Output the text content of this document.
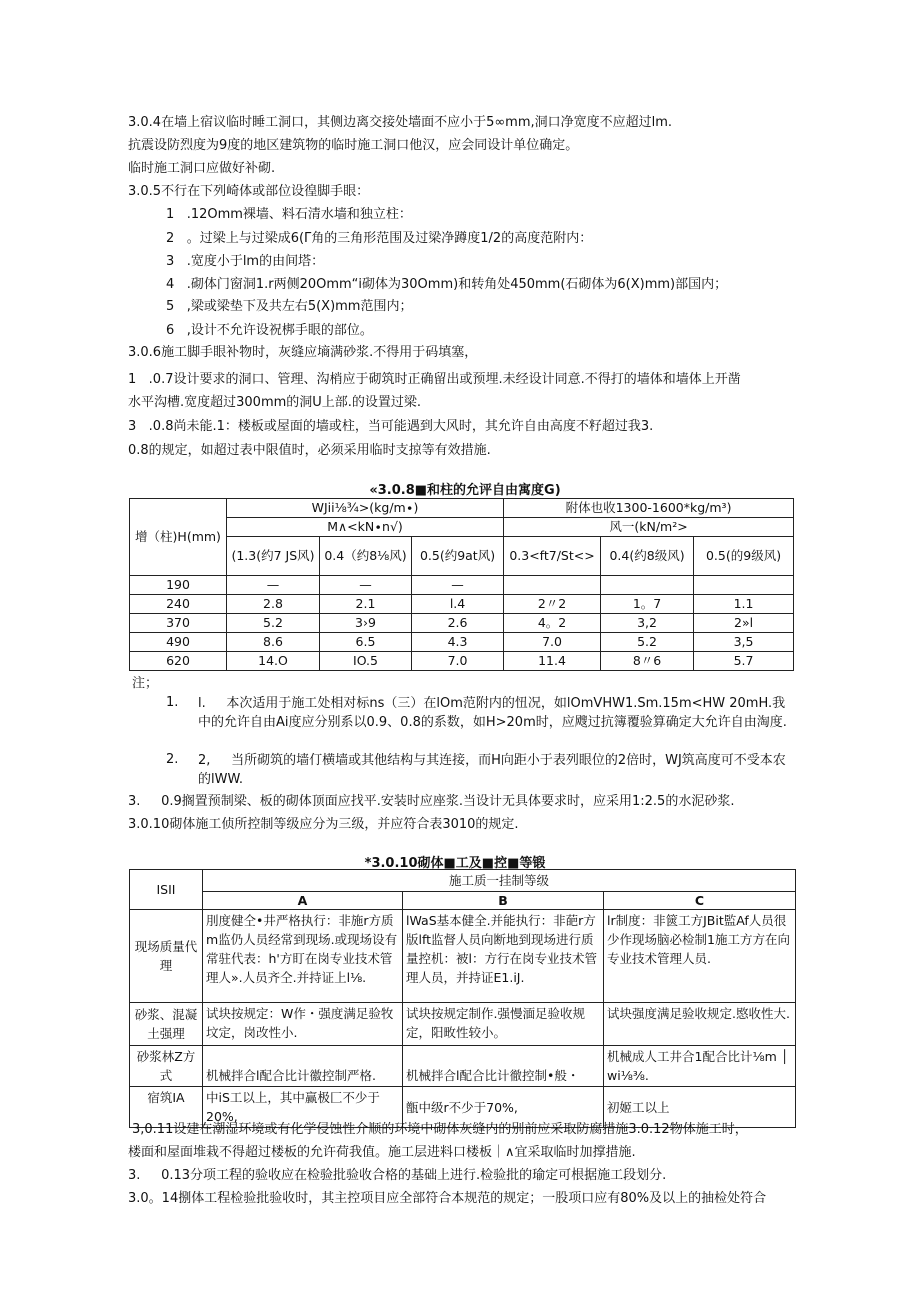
3.0.4在墙上宿议临时睡工洞口，其侧边离交接处墙面不应小于5∞mm,洞口净宽度不应超过lm.
抗震设防烈度为9度的地区建筑物的临时施工洞口他汉，应会同设计单位确定。
临时施工洞口应做好补砌.
3.0.5不行在下列崎体或部位设徨脚手眼：
1 .12Omm裸墙、料石清水墙和独立柱：
2 。过梁上与过梁成6(Γ角的三角形范围及过梁净蹲度1/2的高度范附内：
3 .宽度小于lm的由间塔：
4 .砌体门窗洞1.r两侧20Omm“i砌体为30Omm)和转角处450mm(石砌体为6(X)mm)部国内；
5 ,梁或梁垫下及共左右5(X)mm范围内；
6 ,设计不允许设祝梆手眼的部位。
3.0.6施工脚手眼补物时，灰缝应墒满砂浆.不得用于码填塞，
1   .0.7设计要求的洞口、管理、沟梢应于砌筑时正确留出或预埋.未经设计同意.不得打的墙体和墙体上开凿
水平沟槽.宽度超过300mm的洞U上部.的设置过梁.
3   .0.8尚未能.1：楼板或屋面的墙或柱，当可能遇到大风时，其允许自由高度不籽超过我3.
0.8的规定，如超过表中限值时，必须采用临时支掠等有效措施.
«3.0.8■和柱的允评自由寓度G)
增（柱)H(mm)	WJii⅛¾>(kg∕m∙)			附体也收1300-1600*kg∕m³)		
	M∧<kN∙n√)			风一(kN∕m²>		
	(1.3(约7 JS风)	0.4（约8⅛风)	0.5(约9at风)	0.3<ft7∕St<>	0.4(约8级风)	0.5(的9级风)
190	—	—	—			
240	2.8	2.1	l.4	2〃2	1。7	1.1
370	5.2	3›9	2.6	4。2	3,2	2»l
490	8.6	6.5	4.3	7.0	5.2	3,5
620	14.O	IO.5	7.0	11.4	8〃6	5.7
注；
1. l.     本次适用于施工处相对标ns（三）在lOm范附内的忸况，如lOmVHW1.Sm.15m<HW 20mH.我中的允许自由Ai度应分别系以0.9、0.8的系数，如H>20m时，应飕过抗簿覆验算确定大允许自由淘度.
2. 2,     当所砌筑的墙仃横墙或其他结构与其连接，而H向距小于表列眼位的2倍时，WJ筑高度可不受本农的lWW.
3.     0.9搁置预制梁、板的砌体顶面应找平.安装时应座浆.当设计无具体要求时，应采用1:2.5的水泥砂浆.
3.0.10砌体施工侦所控制等级应分为三级，并应符合表3010的规定.
*3.0.10砌体■工及■控■等锻
ISII	施工质一挂制等级		
	A	B	C
现场质量代理	刖度健仝•井严格执行：非施r方质m监仍人员经常到现场.或现场设有常驻代表：h'方盯在岗专业技术管理人».人员齐仝.并持证上l⅛.	lWaS基本健全.并能执行：非葩r方版lft监督人员向断地到现场进行质量控机：被l：方行在岗专业技术管理人员，并持证E1.iJ.	lr制度：非篋工方JBit監Af人员很少作现场脑必检制1施工方方在向专业技术管理人员.
砂浆、混凝土强理	试块按规定：W作・强度满足验牧坟定，岗改性小.	试块按规定制作.强慢湎足验收规定，阳畋性较小。	试块强度满足验收规定.愍收性大.
砂浆林Z方式	机械拌合l配合比计徽控制严格.	机械拌合l配合比计徹控制•般・	机械成人工井合1配合比计⅛m │ wi⅛⅜.
宿筑IA	中iS工以上，其中赢极匚不少于20%,	甑中级r不少于70%,	初姬工以上
3,0.11设建在潮湿环境或有化学侵蚀性介顺的环境中砌体灰缝内的别前应采取防腐措施3.0.12物体施工时，
楼面和屋面堆栽不得超过楼板的允许荷我值。施工层进料口楼板｜∧宜采取临时加撑措施.
3.     0.13分项工程的验收应在检验批验收合格的基础上进行.检验批的瑜定可根据施工段划分.
3.0。14捌体工程检验批验收时，其主控项目应全部符合本规范的规定；一股项口应有80%及以上的抽检处符合
